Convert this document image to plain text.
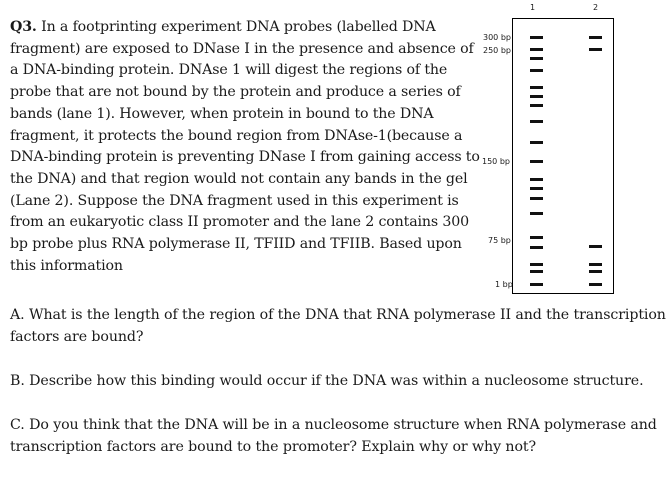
Q3. In a footprinting experiment DNA probes (labelled DNA fragment) are exposed to DNase I in the presence and absence of a DNA-binding protein. DNAse 1 will digest the regions of the probe that are not bound by the protein and produce a series of bands (lane 1). However, when protein in bound to the DNA fragment, it protects the bound region from DNAse-1(because a DNA-binding protein is preventing DNase I from gaining access to the DNA) and that region would not contain any bands in the gel (Lane 2). Suppose the DNA fragment used in this experiment is from an eukaryotic class II promoter and the lane 2 contains 300 bp probe plus RNA polymerase II, TFIID and TFIIB. Based upon this information
1	2
300 bp
250 bp
150 bp
75 bp
1 bp
A. What is the length of the region of the DNA that RNA polymerase II and the transcription factors are bound?
B. Describe how this binding would occur if the DNA was within a nucleosome structure.
C. Do you think that the DNA will be in a nucleosome structure when RNA polymerase and transcription factors are bound to the promoter? Explain why or why not?
